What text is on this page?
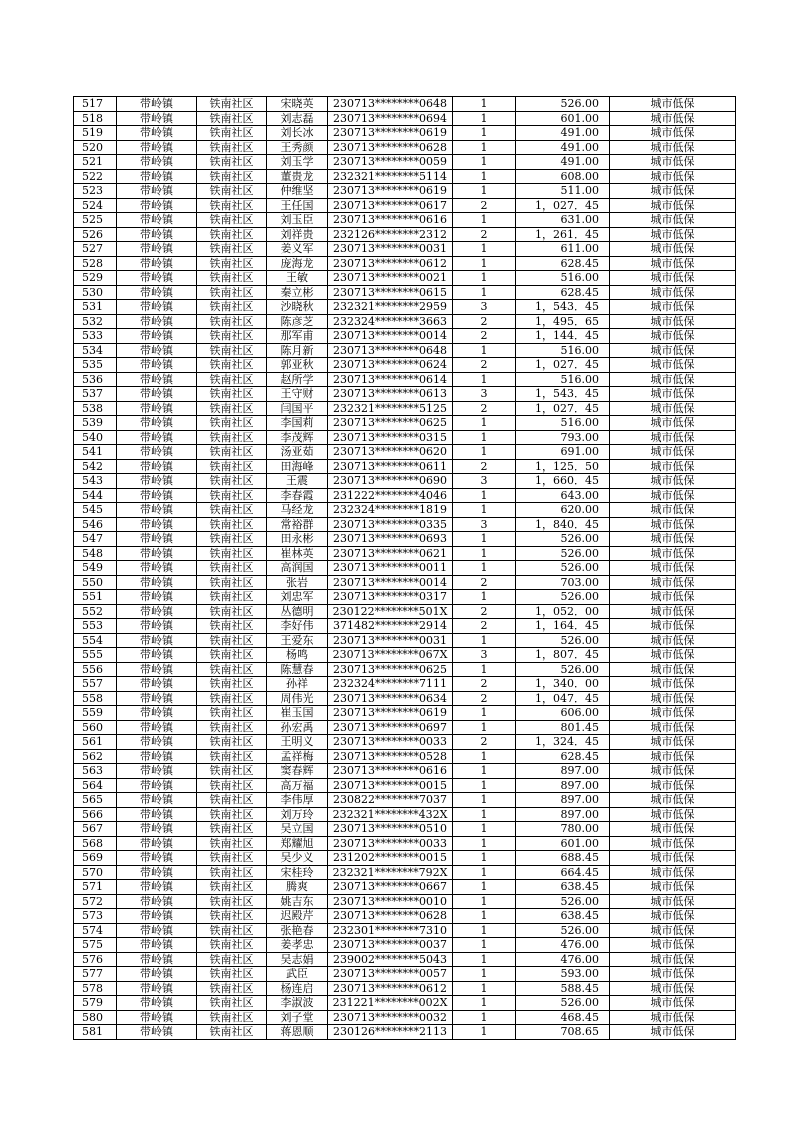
517	带岭镇	铁南社区	宋晓英	230713********0648	1	526.00	城市低保
518	带岭镇	铁南社区	刘志磊	230713********0694	1	601.00	城市低保
519	带岭镇	铁南社区	刘长冰	230713********0619	1	491.00	城市低保
520	带岭镇	铁南社区	王秀颜	230713********0628	1	491.00	城市低保
521	带岭镇	铁南社区	刘玉学	230713********0059	1	491.00	城市低保
522	带岭镇	铁南社区	董贵龙	232321********5114	1	608.00	城市低保
523	带岭镇	铁南社区	仲维坚	230713********0619	1	511.00	城市低保
524	带岭镇	铁南社区	王任国	230713********0617	2	1，027．45	城市低保
525	带岭镇	铁南社区	刘玉臣	230713********0616	1	631.00	城市低保
526	带岭镇	铁南社区	刘祥贵	232126********2312	2	1，261．45	城市低保
527	带岭镇	铁南社区	姜义军	230713********0031	1	611.00	城市低保
528	带岭镇	铁南社区	庞海龙	230713********0612	1	628.45	城市低保
529	带岭镇	铁南社区	王敏	230713********0021	1	516.00	城市低保
530	带岭镇	铁南社区	秦立彬	230713********0615	1	628.45	城市低保
531	带岭镇	铁南社区	沙晓秋	232321********2959	3	1，543．45	城市低保
532	带岭镇	铁南社区	陈彦芝	232324********3663	2	1，495．65	城市低保
533	带岭镇	铁南社区	那军甫	230713********0014	2	1，144．45	城市低保
534	带岭镇	铁南社区	陈月新	230713********0648	1	516.00	城市低保
535	带岭镇	铁南社区	郭亚秋	230713********0624	2	1，027．45	城市低保
536	带岭镇	铁南社区	赵所学	230713********0614	1	516.00	城市低保
537	带岭镇	铁南社区	王守财	230713********0613	3	1，543．45	城市低保
538	带岭镇	铁南社区	闫国平	232321********5125	2	1，027．45	城市低保
539	带岭镇	铁南社区	李国莉	230713********0625	1	516.00	城市低保
540	带岭镇	铁南社区	李茂辉	230713********0315	1	793.00	城市低保
541	带岭镇	铁南社区	汤亚茹	230713********0620	1	691.00	城市低保
542	带岭镇	铁南社区	田海峰	230713********0611	2	1，125．50	城市低保
543	带岭镇	铁南社区	王震	230713********0690	3	1，660．45	城市低保
544	带岭镇	铁南社区	李春霞	231222********4046	1	643.00	城市低保
545	带岭镇	铁南社区	马经龙	232324********1819	1	620.00	城市低保
546	带岭镇	铁南社区	常裕群	230713********0335	3	1，840．45	城市低保
547	带岭镇	铁南社区	田永彬	230713********0693	1	526.00	城市低保
548	带岭镇	铁南社区	崔林英	230713********0621	1	526.00	城市低保
549	带岭镇	铁南社区	高润国	230713********0011	1	526.00	城市低保
550	带岭镇	铁南社区	张岩	230713********0014	2	703.00	城市低保
551	带岭镇	铁南社区	刘忠军	230713********0317	1	526.00	城市低保
552	带岭镇	铁南社区	丛德明	230122********501X	2	1，052．00	城市低保
553	带岭镇	铁南社区	李好伟	371482********2914	2	1，164．45	城市低保
554	带岭镇	铁南社区	王爱东	230713********0031	1	526.00	城市低保
555	带岭镇	铁南社区	杨鸣	230713********067X	3	1，807．45	城市低保
556	带岭镇	铁南社区	陈慧春	230713********0625	1	526.00	城市低保
557	带岭镇	铁南社区	孙祥	232324********7111	2	1，340．00	城市低保
558	带岭镇	铁南社区	周伟光	230713********0634	2	1，047．45	城市低保
559	带岭镇	铁南社区	崔玉国	230713********0619	1	606.00	城市低保
560	带岭镇	铁南社区	孙宏禹	230713********0697	1	801.45	城市低保
561	带岭镇	铁南社区	王明义	230713********0033	2	1，324．45	城市低保
562	带岭镇	铁南社区	孟祥梅	230713********0528	1	628.45	城市低保
563	带岭镇	铁南社区	窦春辉	230713********0616	1	897.00	城市低保
564	带岭镇	铁南社区	高万福	230713********0015	1	897.00	城市低保
565	带岭镇	铁南社区	李伟厚	230822********7037	1	897.00	城市低保
566	带岭镇	铁南社区	刘万玲	232321********432X	1	897.00	城市低保
567	带岭镇	铁南社区	吴立国	230713********0510	1	780.00	城市低保
568	带岭镇	铁南社区	郑耀旭	230713********0033	1	601.00	城市低保
569	带岭镇	铁南社区	吴少义	231202********0015	1	688.45	城市低保
570	带岭镇	铁南社区	宋桂玲	232321********792X	1	664.45	城市低保
571	带岭镇	铁南社区	腾爽	230713********0667	1	638.45	城市低保
572	带岭镇	铁南社区	姚吉东	230713********0010	1	526.00	城市低保
573	带岭镇	铁南社区	迟殿芹	230713********0628	1	638.45	城市低保
574	带岭镇	铁南社区	张艳春	232301********7310	1	526.00	城市低保
575	带岭镇	铁南社区	姜孝忠	230713********0037	1	476.00	城市低保
576	带岭镇	铁南社区	吴志娟	239002********5043	1	476.00	城市低保
577	带岭镇	铁南社区	武臣	230713********0057	1	593.00	城市低保
578	带岭镇	铁南社区	杨连启	230713********0612	1	588.45	城市低保
579	带岭镇	铁南社区	李淑波	231221********002X	1	526.00	城市低保
580	带岭镇	铁南社区	刘子堂	230713********0032	1	468.45	城市低保
581	带岭镇	铁南社区	蒋恩顺	230126********2113	1	708.65	城市低保
